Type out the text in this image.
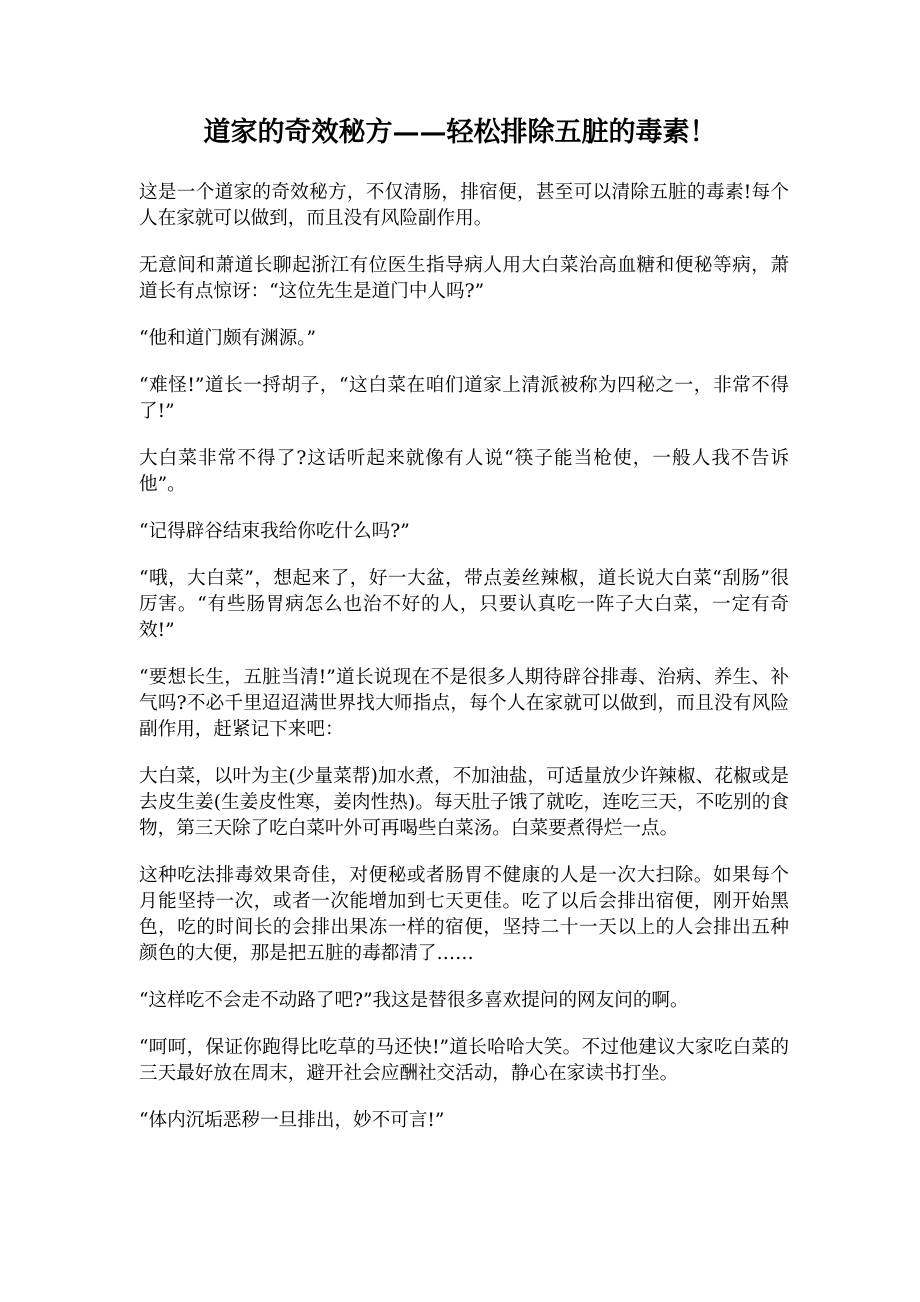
道家的奇效秘方——轻松排除五脏的毒素！

这是一个道家的奇效秘方，不仅清肠，排宿便，甚至可以清除五脏的毒素!每个人在家就可以做到，而且没有风险副作用。

无意间和萧道长聊起浙江有位医生指导病人用大白菜治高血糖和便秘等病，萧道长有点惊讶：“这位先生是道门中人吗?”

“他和道门颇有渊源。”

“难怪!”道长一捋胡子，“这白菜在咱们道家上清派被称为四秘之一，非常不得了!”

大白菜非常不得了?这话听起来就像有人说“筷子能当枪使，一般人我不告诉他”。

“记得辟谷结束我给你吃什么吗?”

“哦，大白菜”，想起来了，好一大盆，带点姜丝辣椒，道长说大白菜“刮肠”很厉害。“有些肠胃病怎么也治不好的人，只要认真吃一阵子大白菜，一定有奇效!”

“要想长生，五脏当清!”道长说现在不是很多人期待辟谷排毒、治病、养生、补气吗?不必千里迢迢满世界找大师指点，每个人在家就可以做到，而且没有风险副作用，赶紧记下来吧：

大白菜，以叶为主(少量菜帮)加水煮，不加油盐，可适量放少许辣椒、花椒或是去皮生姜(生姜皮性寒，姜肉性热)。每天肚子饿了就吃，连吃三天，不吃别的食物，第三天除了吃白菜叶外可再喝些白菜汤。白菜要煮得烂一点。

这种吃法排毒效果奇佳，对便秘或者肠胃不健康的人是一次大扫除。如果每个月能坚持一次，或者一次能增加到七天更佳。吃了以后会排出宿便，刚开始黑色，吃的时间长的会排出果冻一样的宿便，坚持二十一天以上的人会排出五种颜色的大便，那是把五脏的毒都清了……

“这样吃不会走不动路了吧?”我这是替很多喜欢提问的网友问的啊。

“呵呵，保证你跑得比吃草的马还快!”道长哈哈大笑。不过他建议大家吃白菜的三天最好放在周末，避开社会应酬社交活动，静心在家读书打坐。

“体内沉垢恶秽一旦排出，妙不可言!”
